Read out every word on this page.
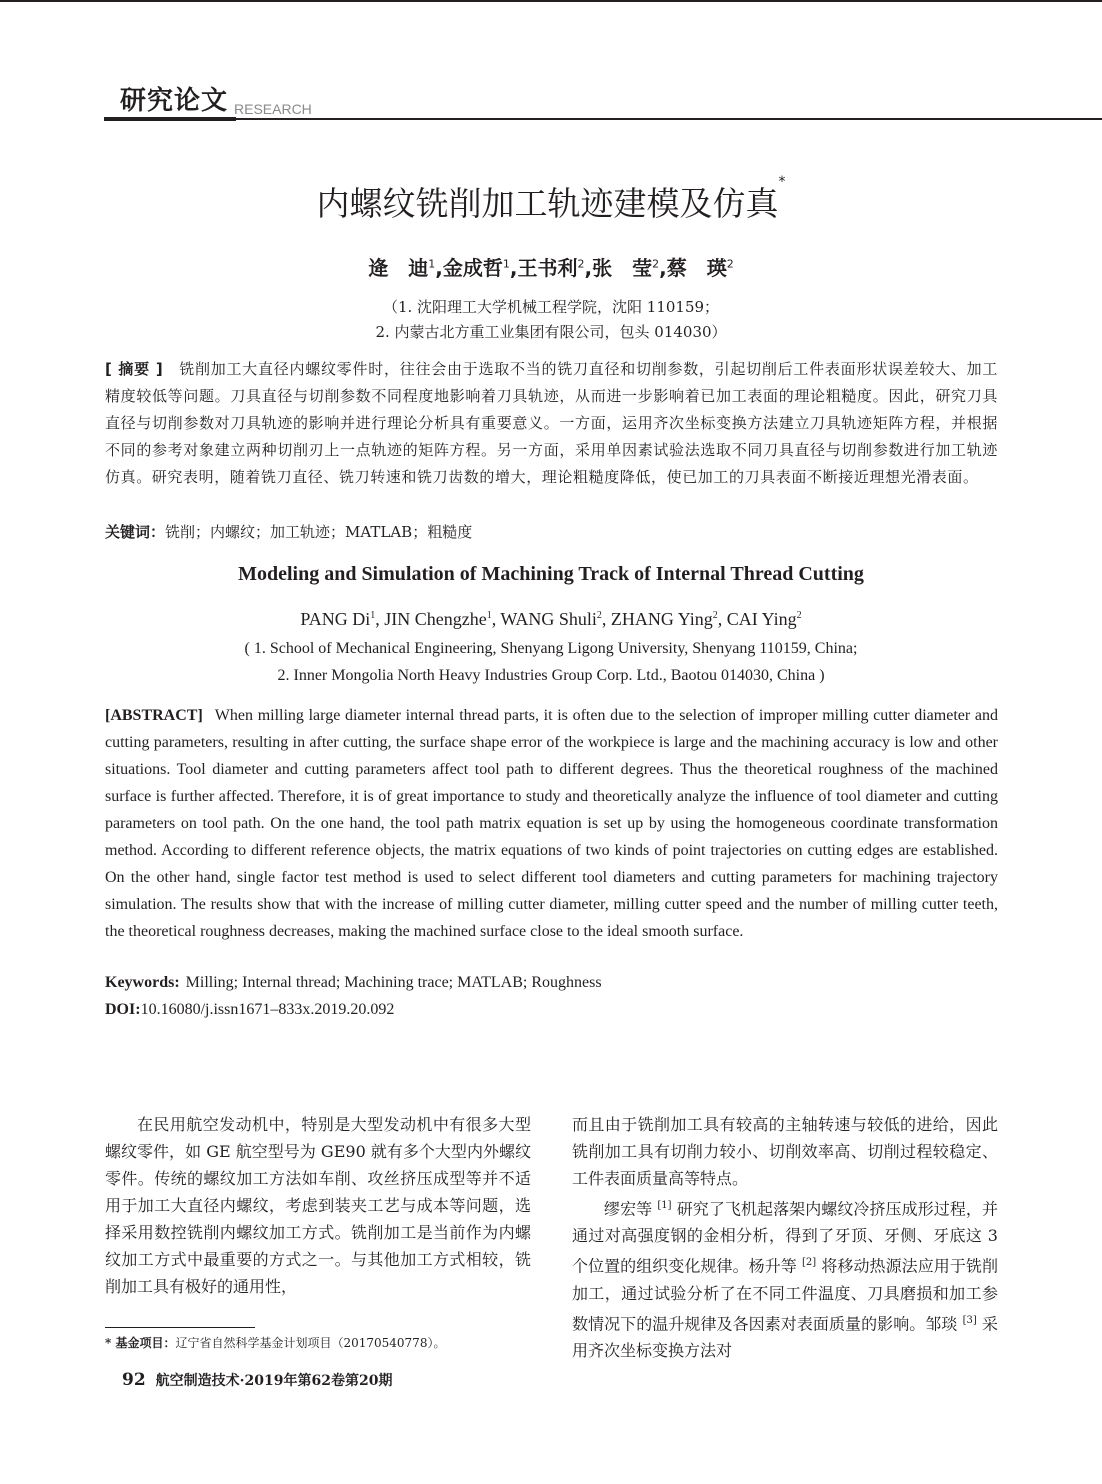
研究论文 RESEARCH
内螺纹铣削加工轨迹建模及仿真*
逄　迪$^1$,金成哲$^1$,王书利$^2$,张　莹$^2$,蔡　瑛$^2$
（1. 沈阳理工大学机械工程学院，沈阳 110159；
2. 内蒙古北方重工业集团有限公司，包头 014030）
[ 摘要 ]　 铣削加工大直径内螺纹零件时，往往会由于选取不当的铣刀直径和切削参数，引起切削后工件表面形状误差较大、加工精度较低等问题。刀具直径与切削参数不同程度地影响着刀具轨迹，从而进一步影响着已加工表面的理论粗糙度。因此，研究刀具直径与切削参数对刀具轨迹的影响并进行理论分析具有重要意义。一方面，运用齐次坐标变换方法建立刀具轨迹矩阵方程，并根据不同的参考对象建立两种切削刃上一点轨迹的矩阵方程。另一方面，采用单因素试验法选取不同刀具直径与切削参数进行加工轨迹仿真。研究表明，随着铣刀直径、铣刀转速和铣刀齿数的增大，理论粗糙度降低，使已加工的刀具表面不断接近理想光滑表面。
关键词：铣削；内螺纹；加工轨迹；MATLAB；粗糙度
Modeling and Simulation of Machining Track of Internal Thread Cutting
PANG Di$^1$, JIN Chengzhe$^1$, WANG Shuli$^2$, ZHANG Ying$^2$, CAI Ying$^2$
( 1. School of Mechanical Engineering, Shenyang Ligong University, Shenyang 110159, China;
2. Inner Mongolia North Heavy Industries Group Corp. Ltd., Baotou 014030, China )
[ABSTRACT] When milling large diameter internal thread parts, it is often due to the selection of improper milling cutter diameter and cutting parameters, resulting in after cutting, the surface shape error of the workpiece is large and the machining accuracy is low and other situations. Tool diameter and cutting parameters affect tool path to different degrees. Thus the theoretical roughness of the machined surface is further affected. Therefore, it is of great importance to study and theoretically analyze the influence of tool diameter and cutting parameters on tool path. On the one hand, the tool path matrix equation is set up by using the homogeneous coordinate transformation method. According to different reference objects, the matrix equations of two kinds of point trajectories on cutting edges are established. On the other hand, single factor test method is used to select different tool diameters and cutting parameters for machining trajectory simulation. The results show that with the increase of milling cutter diameter, milling cutter speed and the number of milling cutter teeth, the theoretical roughness decreases, making the machined surface close to the ideal smooth surface.
Keywords: Milling; Internal thread; Machining trace; MATLAB; Roughness
DOI:10.16080/j.issn1671–833x.2019.20.092

在民用航空发动机中，特别是大型发动机中有很多大型螺纹零件，如 GE 航空型号为 GE90 就有多个大型内外螺纹零件。传统的螺纹加工方法如车削、攻丝挤压成型等并不适用于加工大直径内螺纹，考虑到装夹工艺与成本等问题，选择采用数控铣削内螺纹加工方式。铣削加工是当前作为内螺纹加工方式中最重要的方式之一。与其他加工方式相较，铣削加工具有极好的通用性，

而且由于铣削加工具有较高的主轴转速与较低的进给，因此铣削加工具有切削力较小、切削效率高、切削过程较稳定、工件表面质量高等特点。

缪宏等 [1] 研究了飞机起落架内螺纹冷挤压成形过程，并通过对高强度钢的金相分析，得到了牙顶、牙侧、牙底这 3 个位置的组织变化规律。杨升等 [2] 将移动热源法应用于铣削加工，通过试验分析了在不同工件温度、刀具磨损和加工参数情况下的温升规律及各因素对表面质量的影响。邹琰 [3] 采用齐次坐标变换方法对

* 基金项目：辽宁省自然科学基金计划项目（20170540778）。
92 航空制造技术·2019年第62卷第20期
